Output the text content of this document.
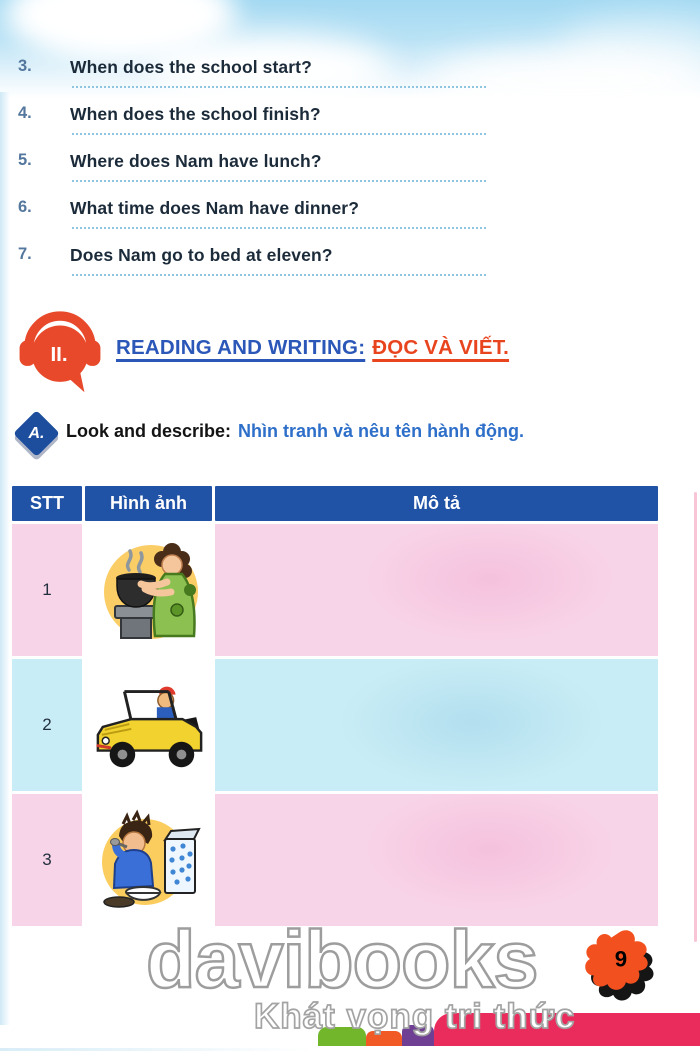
3. When does the school start?
4. When does the school finish?
5. Where does Nam have lunch?
6. What time does Nam have dinner?
7. Does Nam go to bed at eleven?
II. READING AND WRITING: ĐỌC VÀ VIẾT.
A. Look and describe: Nhìn tranh và nêu tên hành động.
STT	Hình ảnh	Mô tả
1
2
3
davibooks
Khát vọng tri thức
9
